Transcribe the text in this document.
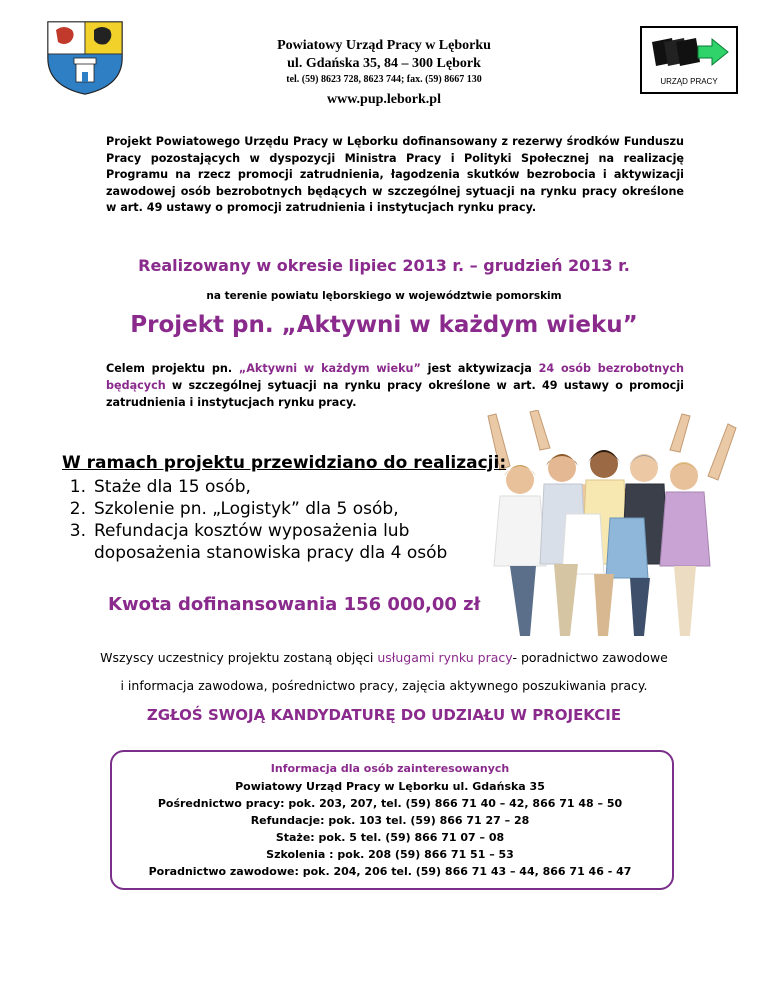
Powiatowy Urząd Pracy w Lęborku
ul. Gdańska 35, 84 – 300 Lębork
tel. (59) 8623 728, 8623 744; fax. (59) 8667 130
www.pup.lebork.pl
URZĄD PRACY
Projekt Powiatowego Urzędu Pracy w Lęborku dofinansowany z rezerwy środków Funduszu Pracy pozostających w dyspozycji Ministra Pracy i Polityki Społecznej na realizację Programu na rzecz promocji zatrudnienia, łagodzenia skutków bezrobocia i aktywizacji zawodowej osób bezrobotnych będących w szczególnej sytuacji na rynku pracy określone w art. 49 ustawy o promocji zatrudnienia i instytucjach rynku pracy.
Realizowany w okresie lipiec 2013 r. – grudzień 2013 r.
na terenie powiatu lęborskiego w województwie pomorskim
Projekt pn. „Aktywni w każdym wieku”
Celem projektu pn. „Aktywni w każdym wieku” jest aktywizacja 24 osób bezrobotnych będących w szczególnej sytuacji na rynku pracy określone w art. 49 ustawy o promocji zatrudnienia i instytucjach rynku pracy.
W ramach projektu przewidziano do realizacji:
1. Staże dla 15 osób,
2. Szkolenie pn. „Logistyk” dla 5 osób,
3. Refundacja kosztów wyposażenia lub
doposażenia stanowiska pracy dla 4 osób
Kwota dofinansowania 156 000,00 zł
Wszyscy uczestnicy projektu zostaną objęci usługami rynku pracy- poradnictwo zawodowe
i informacja zawodowa, pośrednictwo pracy, zajęcia aktywnego poszukiwania pracy.
ZGŁOŚ SWOJĄ KANDYDATURĘ DO UDZIAŁU W PROJEKCIE
Informacja dla osób zainteresowanych
Powiatowy Urząd Pracy w Lęborku ul. Gdańska 35
Pośrednictwo pracy: pok. 203, 207, tel. (59) 866 71 40 – 42, 866 71 48 – 50
Refundacje: pok. 103 tel. (59) 866 71 27 – 28
Staże: pok. 5 tel. (59) 866 71 07 – 08
Szkolenia : pok. 208 (59) 866 71 51 – 53
Poradnictwo zawodowe: pok. 204, 206 tel. (59) 866 71 43 – 44, 866 71 46 - 47
